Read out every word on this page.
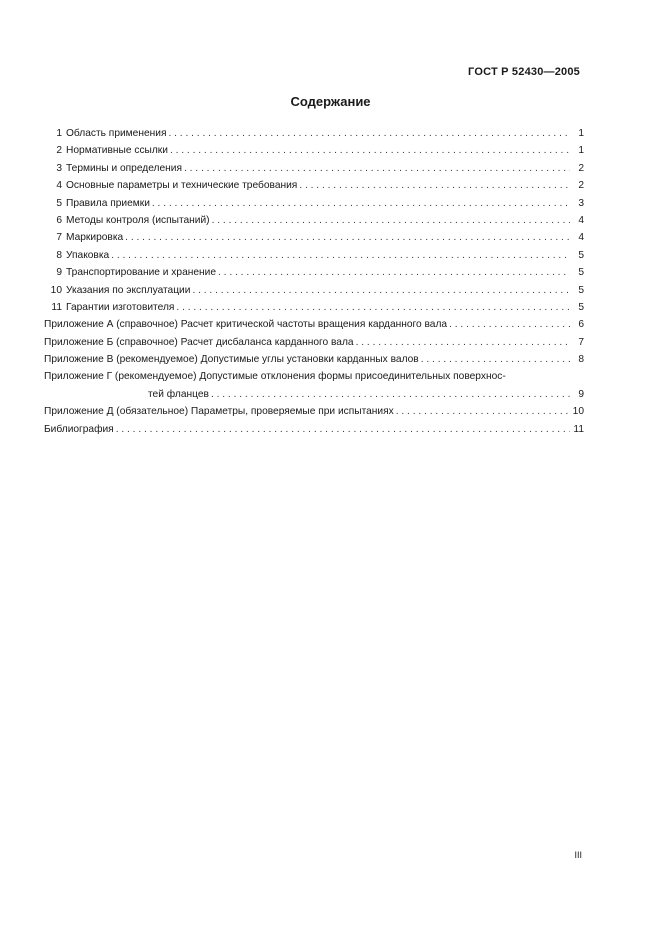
ГОСТ Р 52430—2005
Содержание
1 Область применения . . .	1
2 Нормативные ссылки . . .	1
3 Термины и определения . . .	2
4 Основные параметры и технические требования . . .	2
5 Правила приемки . . .	3
6 Методы контроля (испытаний) . . .	4
7 Маркировка . . .	4
8 Упаковка . . .	5
9 Транспортирование и хранение . . .	5
10 Указания по эксплуатации . . .	5
11 Гарантии изготовителя . . .	5
Приложение А (справочное) Расчет критической частоты вращения карданного вала . . .	6
Приложение Б (справочное) Расчет дисбаланса карданного вала . . .	7
Приложение В (рекомендуемое) Допустимые углы установки карданных валов . . .	8
Приложение Г (рекомендуемое) Допустимые отклонения формы присоединительных поверхнос-
тей фланцев . . .	9
Приложение Д (обязательное) Параметры, проверяемые при испытаниях . . .	10
Библиография . . .	11
III
